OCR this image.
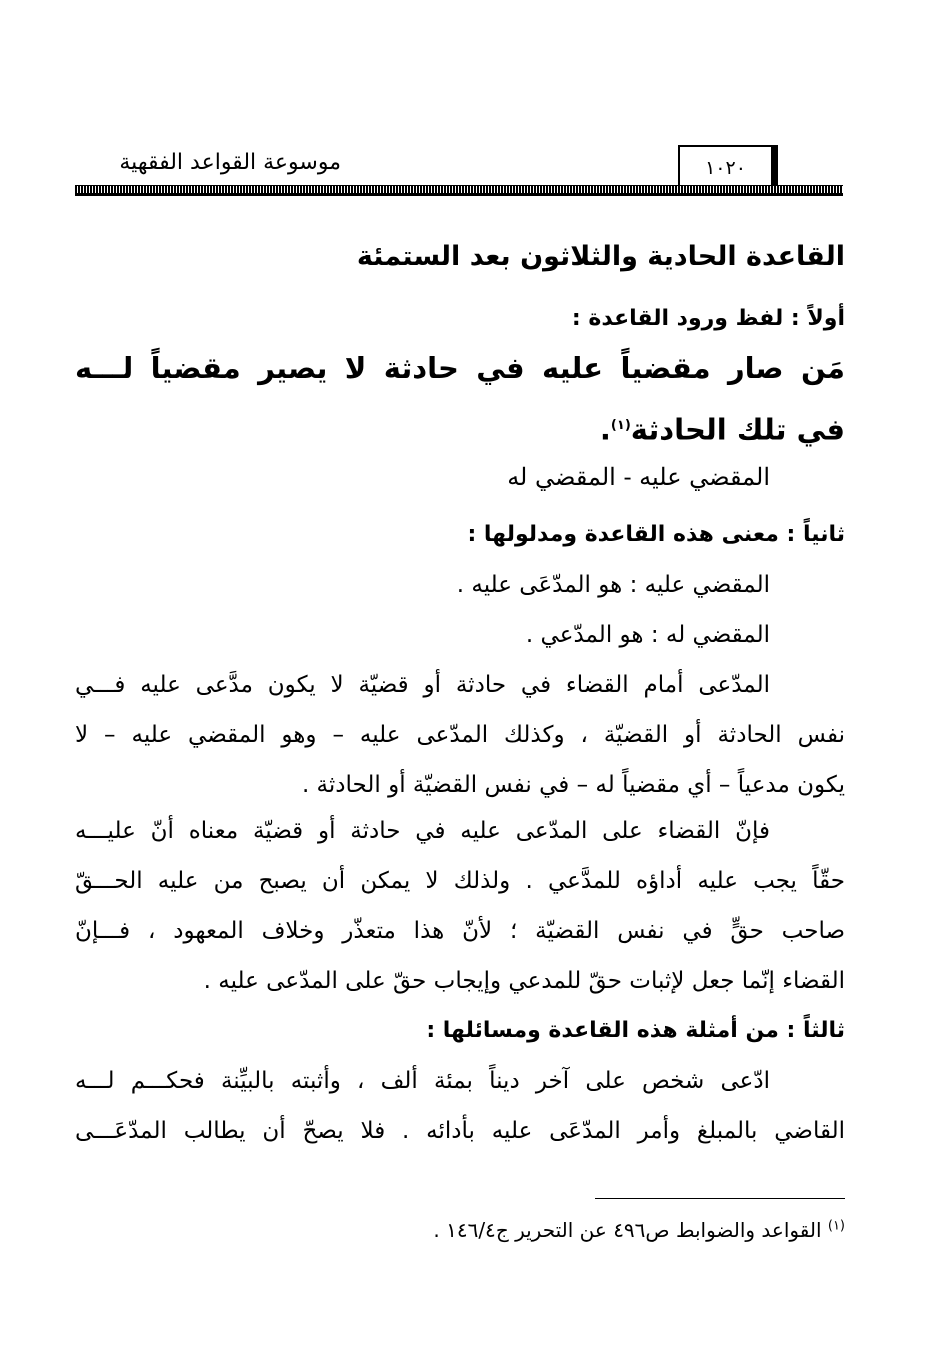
موسوعة القواعد الفقهية	١٠٢٠
القاعدة الحادية والثلاثون بعد الستمئة
أولاً : لفظ ورود القاعدة :
مَن صار مقضياً عليه في حادثة لا يصير مقضياً لـــه
في تلك الحادثة$^{(١)}$.
المقضي عليه - المقضي له
ثانياً : معنى هذه القاعدة ومدلولها :
المقضي عليه : هو المدّعَى عليه .
المقضي له : هو المدّعي .
المدّعى أمام القضاء في حادثة أو قضيّة لا يكون مدَّعى عليه فـــي
نفس الحادثة أو القضيّة ، وكذلك المدّعى عليه – وهو المقضي عليه – لا
يكون مدعياً – أي مقضياً له – في نفس القضيّة أو الحادثة .
فإنّ القضاء على المدّعى عليه في حادثة أو قضيّة معناه أنّ عليـــه
حقّاً يجب عليه أداؤه للمدَّعي . ولذلك لا يمكن أن يصبح من عليه الحـــقّ
صاحب حقٍّ في نفس القضيّة ؛ لأنّ هذا متعذّر وخلاف المعهود ، فـــإنّ
القضاء إنّما جعل لإثبات حقّ للمدعي وإيجاب حقّ على المدّعى عليه .
ثالثاً : من أمثلة هذه القاعدة ومسائلها :
ادّعى شخص على آخر ديناً بمئة ألف ، وأثبته بالبيِّنة فحكـــم لـــه
القاضي بالمبلغ وأمر المدّعَى عليه بأدائه . فلا يصحّ أن يطالب المدّعَـــى
$^{(١)}$ القواعد والضوابط ص٤٩٦ عن التحرير ج١٤٦/٤ .
